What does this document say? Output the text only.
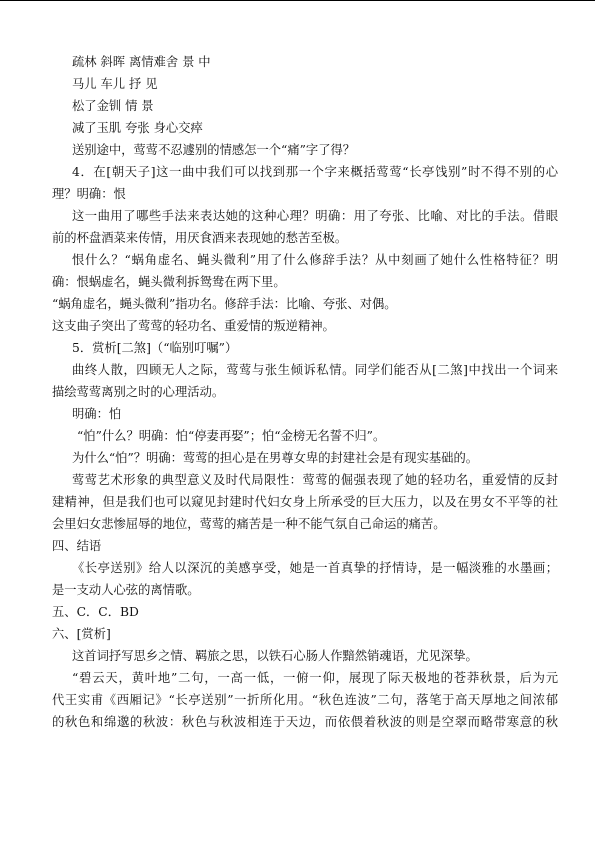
疏林 斜晖 离情难舍 景 中
马儿 车儿 抒 见
松了金钏 情 景
减了玉肌 夸张 身心交瘁
送别途中，莺莺不忍遽别的情感怎一个“痛”字了得？
4．在[朝天子]这一曲中我们可以找到那一个字来概括莺莺“长亭饯别”时不得不别的心
理？明确：恨
这一曲用了哪些手法来表达她的这种心理？明确：用了夸张、比喻、对比的手法。借眼
前的杯盘酒菜来传情，用厌食酒来表现她的愁苦至极。
恨什么？“蜗角虚名、蝇头微利”用了什么修辞手法？从中刻画了她什么性格特征？明
确：恨蜗虚名，蝇头微利拆鸳鸯在两下里。
“蜗角虚名，蝇头微利”指功名。修辞手法：比喻、夸张、对偶。
这支曲子突出了莺莺的轻功名、重爱情的叛逆精神。
5．赏析[二煞]（“临别叮嘱”）
曲终人散，四顾无人之际，莺莺与张生倾诉私情。同学们能否从[二煞]中找出一个词来
描绘莺莺离别之时的心理活动。
明确：怕
“怕”什么？明确：怕“停妻再娶”；怕“金榜无名誓不归”。
为什么“怕”？明确：莺莺的担心是在男尊女卑的封建社会是有现实基础的。
莺莺艺术形象的典型意义及时代局限性：莺莺的倔强表现了她的轻功名，重爱情的反封
建精神，但是我们也可以窥见封建时代妇女身上所承受的巨大压力，以及在男女不平等的社
会里妇女悲惨屈辱的地位，莺莺的痛苦是一种不能气氛自己命运的痛苦。
四、结语
《长亭送别》给人以深沉的美感享受，她是一首真挚的抒情诗，是一幅淡雅的水墨画；
是一支动人心弦的离情歌。
五、C．C．BD
六、[赏析]
这首词抒写思乡之情、羁旅之思，以铁石心肠人作黯然销魂语，尤见深挚。
“碧云天，黄叶地”二句，一高一低，一俯一仰，展现了际天极地的苍莽秋景，后为元
代王实甫《西厢记》“长亭送别”一折所化用。“秋色连波”二句，落笔于高天厚地之间浓郁
的秋色和绵邈的秋波：秋色与秋波相连于天边，而依偎着秋波的则是空翠而略带寒意的秋
